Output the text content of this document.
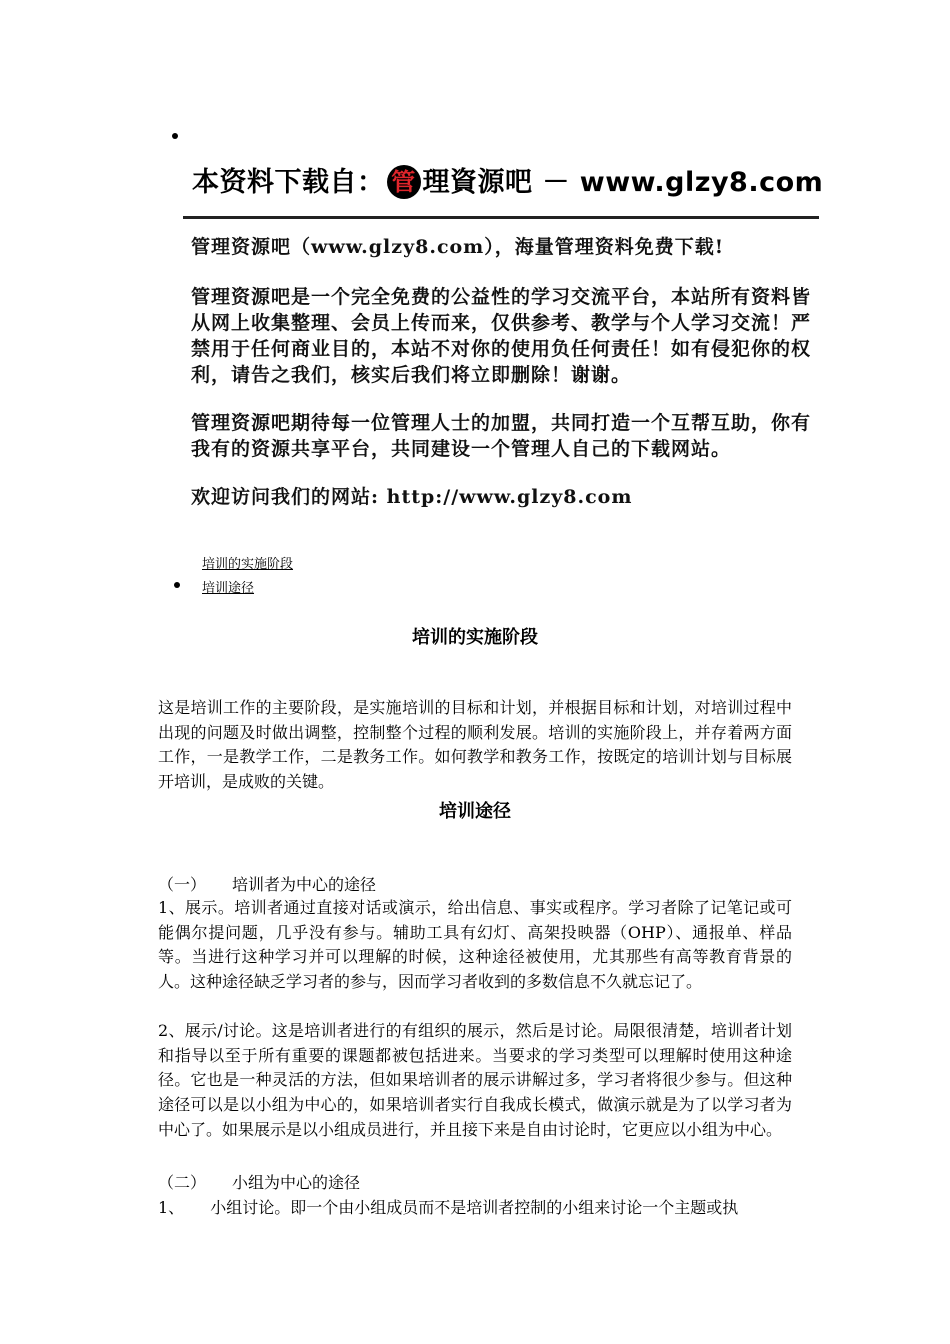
本资料下载自： 管 理資源吧 － www.glzy8.com

管理资源吧（www.glzy8.com），海量管理资料免费下载!

管理资源吧是一个完全免费的公益性的学习交流平台，本站所有资料皆从网上收集整理、会员上传而来，仅供参考、教学与个人学习交流！严禁用于任何商业目的，本站不对你的使用负任何责任！如有侵犯你的权利，请告之我们，核实后我们将立即删除！谢谢。

管理资源吧期待每一位管理人士的加盟，共同打造一个互帮互助，你有我有的资源共享平台，共同建设一个管理人自己的下载网站。

欢迎访问我们的网站: http://www.glzy8.com

培训的实施阶段
培训途径
培训的实施阶段

这是培训工作的主要阶段，是实施培训的目标和计划，并根据目标和计划，对培训过程中出现的问题及时做出调整，控制整个过程的顺利发展。培训的实施阶段上，并存着两方面工作，一是教学工作，二是教务工作。如何教学和教务工作，按既定的培训计划与目标展开培训，是成败的关键。

培训途径
（一） 培训者为中心的途径

1、展示。培训者通过直接对话或演示，给出信息、事实或程序。学习者除了记笔记或可能偶尔提问题，几乎没有参与。辅助工具有幻灯、高架投映器（OHP）、通报单、样品等。当进行这种学习并可以理解的时候，这种途径被使用，尤其那些有高等教育背景的人。这种途径缺乏学习者的参与，因而学习者收到的多数信息不久就忘记了。

2、展示/讨论。这是培训者进行的有组织的展示，然后是讨论。局限很清楚，培训者计划和指导以至于所有重要的课题都被包括进来。当要求的学习类型可以理解时使用这种途径。它也是一种灵活的方法，但如果培训者的展示讲解过多，学习者将很少参与。但这种途径可以是以小组为中心的，如果培训者实行自我成长模式，做演示就是为了以学习者为中心了。如果展示是以小组成员进行，并且接下来是自由讨论时，它更应以小组为中心。

（二） 小组为中心的途径
1、 小组讨论。即一个由小组成员而不是培训者控制的小组来讨论一个主题或执
